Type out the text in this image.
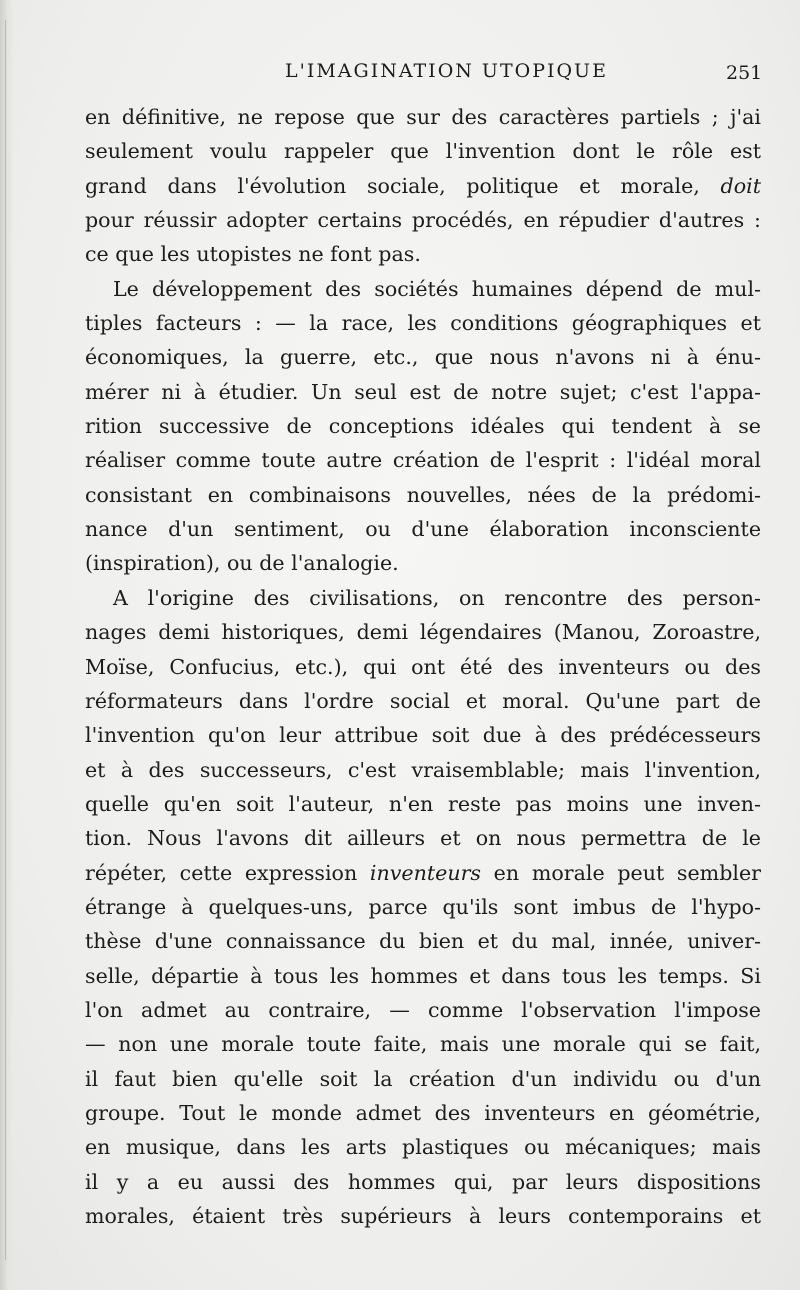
L'IMAGINATION UTOPIQUE	251
en définitive, ne repose que sur des caractères partiels ; j'ai
seulement voulu rappeler que l'invention dont le rôle est
grand dans l'évolution sociale, politique et morale, doit
pour réussir adopter certains procédés, en répudier d'autres :
ce que les utopistes ne font pas.
Le développement des sociétés humaines dépend de mul-
tiples facteurs : — la race, les conditions géographiques et
économiques, la guerre, etc., que nous n'avons ni à énu-
mérer ni à étudier. Un seul est de notre sujet; c'est l'appa-
rition successive de conceptions idéales qui tendent à se
réaliser comme toute autre création de l'esprit : l'idéal moral
consistant en combinaisons nouvelles, nées de la prédomi-
nance d'un sentiment, ou d'une élaboration inconsciente
(inspiration), ou de l'analogie.
A l'origine des civilisations, on rencontre des person-
nages demi historiques, demi légendaires (Manou, Zoroastre,
Moïse, Confucius, etc.), qui ont été des inventeurs ou des
réformateurs dans l'ordre social et moral. Qu'une part de
l'invention qu'on leur attribue soit due à des prédécesseurs
et à des successeurs, c'est vraisemblable; mais l'invention,
quelle qu'en soit l'auteur, n'en reste pas moins une inven-
tion. Nous l'avons dit ailleurs et on nous permettra de le
répéter, cette expression inventeurs en morale peut sembler
étrange à quelques-uns, parce qu'ils sont imbus de l'hypo-
thèse d'une connaissance du bien et du mal, innée, univer-
selle, départie à tous les hommes et dans tous les temps. Si
l'on admet au contraire, — comme l'observation l'impose
— non une morale toute faite, mais une morale qui se fait,
il faut bien qu'elle soit la création d'un individu ou d'un
groupe. Tout le monde admet des inventeurs en géométrie,
en musique, dans les arts plastiques ou mécaniques; mais
il y a eu aussi des hommes qui, par leurs dispositions
morales, étaient très supérieurs à leurs contemporains et
